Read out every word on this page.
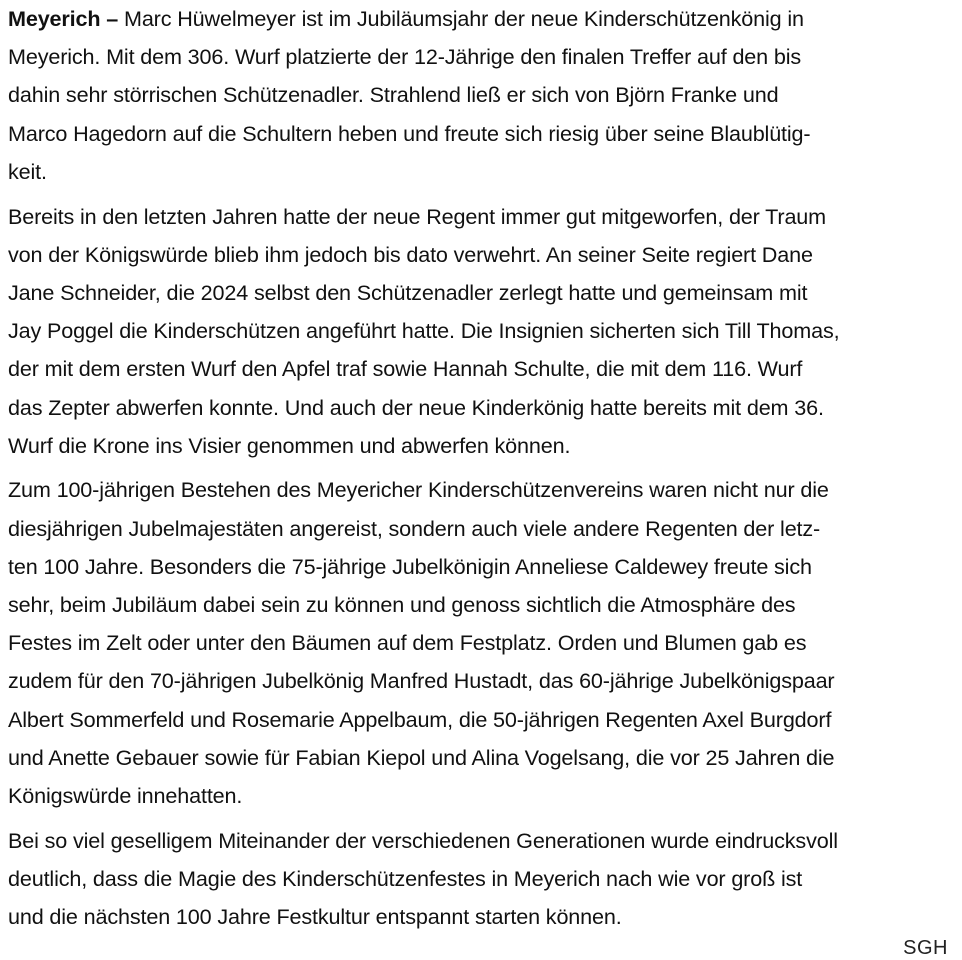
Meyerich – Marc Hüwelmeyer ist im Jubiläumsjahr der neue Kinderschützenkönig in
Meyerich. Mit dem 306. Wurf platzierte der 12-Jährige den finalen Treffer auf den bis
dahin sehr störrischen Schützenadler. Strahlend ließ er sich von Björn Franke und
Marco Hagedorn auf die Schultern heben und freute sich riesig über seine Blaublütig-
keit.

Bereits in den letzten Jahren hatte der neue Regent immer gut mitgeworfen, der Traum
von der Königswürde blieb ihm jedoch bis dato verwehrt. An seiner Seite regiert Dane
Jane Schneider, die 2024 selbst den Schützenadler zerlegt hatte und gemeinsam mit
Jay Poggel die Kinderschützen angeführt hatte. Die Insignien sicherten sich Till Thomas,
der mit dem ersten Wurf den Apfel traf sowie Hannah Schulte, die mit dem 116. Wurf
das Zepter abwerfen konnte. Und auch der neue Kinderkönig hatte bereits mit dem 36.
Wurf die Krone ins Visier genommen und abwerfen können.

Zum 100-jährigen Bestehen des Meyericher Kinderschützenvereins waren nicht nur die
diesjährigen Jubelmajestäten angereist, sondern auch viele andere Regenten der letz-
ten 100 Jahre. Besonders die 75-jährige Jubelkönigin Anneliese Caldewey freute sich
sehr, beim Jubiläum dabei sein zu können und genoss sichtlich die Atmosphäre des
Festes im Zelt oder unter den Bäumen auf dem Festplatz. Orden und Blumen gab es
zudem für den 70-jährigen Jubelkönig Manfred Hustadt, das 60-jährige Jubelkönigspaar
Albert Sommerfeld und Rosemarie Appelbaum, die 50-jährigen Regenten Axel Burgdorf
und Anette Gebauer sowie für Fabian Kiepol und Alina Vogelsang, die vor 25 Jahren die
Königswürde innehatten.

Bei so viel geselligem Miteinander der verschiedenen Generationen wurde eindrucksvoll
deutlich, dass die Magie des Kinderschützenfestes in Meyerich nach wie vor groß ist
und die nächsten 100 Jahre Festkultur entspannt starten können.

SGH
